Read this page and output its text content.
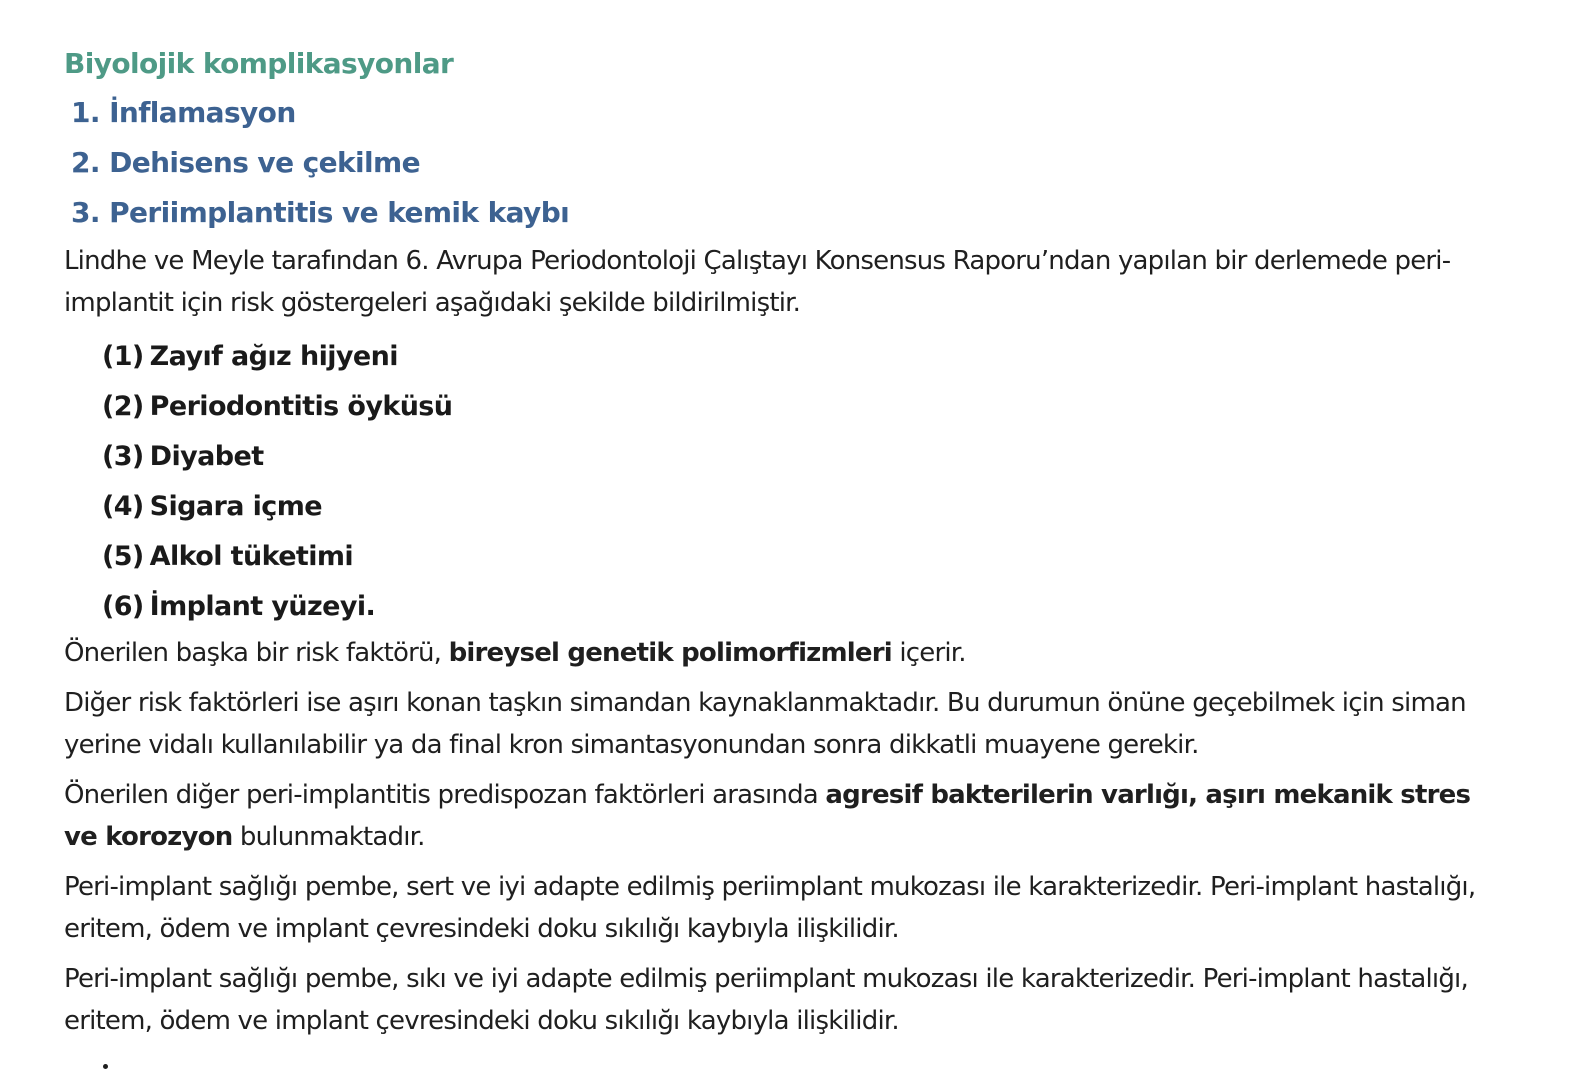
Biyolojik komplikasyonlar
1. İnflamasyon
2. Dehisens ve çekilme
3. Periimplantitis ve kemik kaybı

Lindhe ve Meyle tarafından 6. Avrupa Periodontoloji Çalıştayı Konsensus Raporu’ndan yapılan bir derlemede peri-implantit için risk göstergeleri aşağıdaki şekilde bildirilmiştir.

(1) Zayıf ağız hijyeni
(2) Periodontitis öyküsü
(3) Diyabet
(4) Sigara içme
(5) Alkol tüketimi
(6) İmplant yüzeyi.

Önerilen başka bir risk faktörü, bireysel genetik polimorfizmleri içerir.

Diğer risk faktörleri ise aşırı konan taşkın simandan kaynaklanmaktadır. Bu durumun önüne geçebilmek için siman yerine vidalı kullanılabilir ya da final kron simantasyonundan sonra dikkatli muayene gerekir.

Önerilen diğer peri-implantitis predispozan faktörleri arasında agresif bakterilerin varlığı, aşırı mekanik stres ve korozyon bulunmaktadır.

Peri-implant sağlığı pembe, sert ve iyi adapte edilmiş periimplant mukozası ile karakterizedir. Peri-implant hastalığı, eritem, ödem ve implant çevresindeki doku sıkılığı kaybıyla ilişkilidir.

Peri-implant sağlığı pembe, sıkı ve iyi adapte edilmiş periimplant mukozası ile karakterizedir. Peri-implant hastalığı, eritem, ödem ve implant çevresindeki doku sıkılığı kaybıyla ilişkilidir.
